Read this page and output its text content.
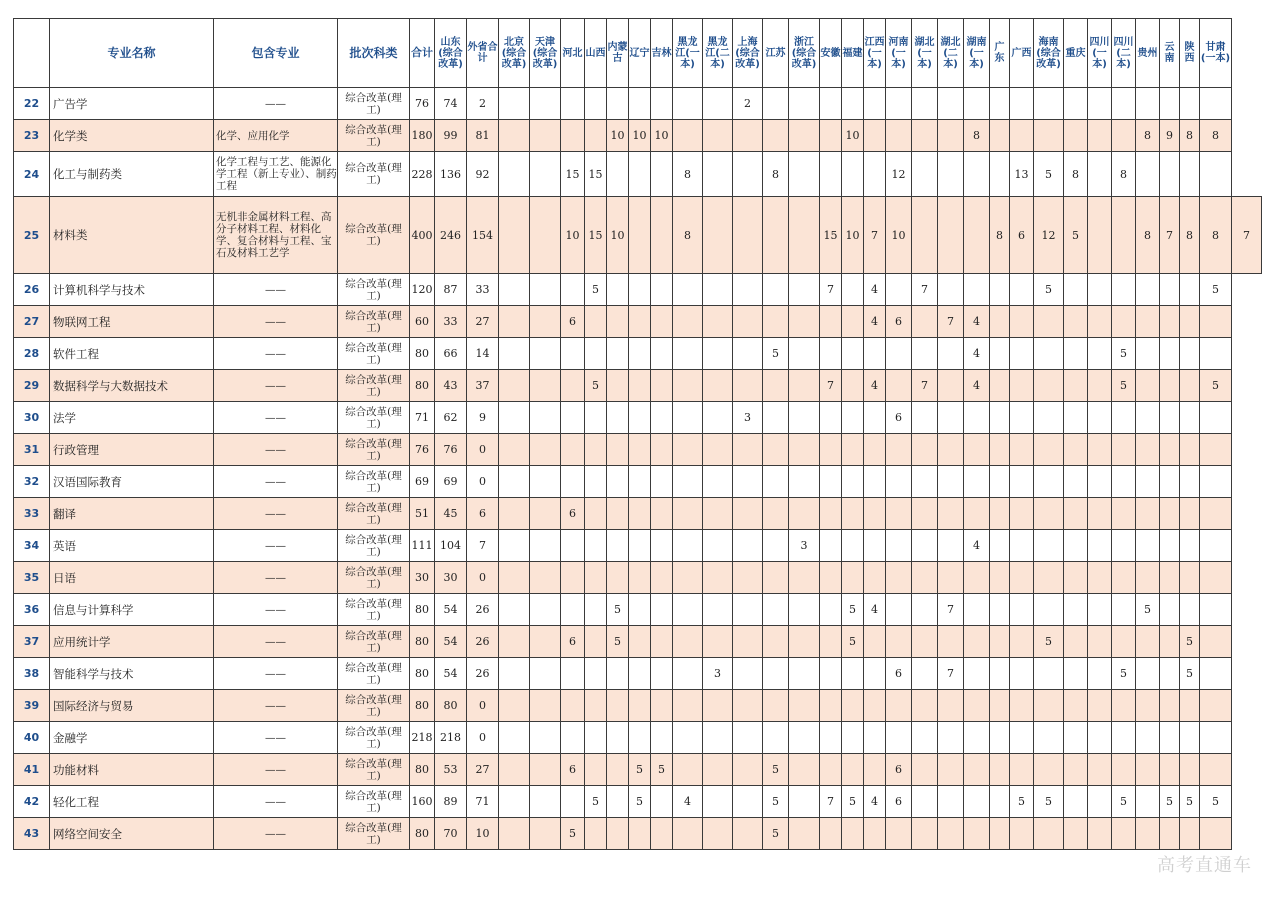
	专业名称	包含专业	批次科类	合计	山东(综合改革)	外省合计	北京(综合改革)	天津(综合改革)	河北	山西	内蒙古	辽宁	吉林	黑龙江(一本)	黑龙江(二本)	上海(综合改革)	江苏	浙江(综合改革)	安徽	福建	江西(一本)	河南(一本)	湖北(一本)	湖北(二本)	湖南(一本)	广东	广西	海南(综合改革)	重庆	四川(一本)	四川(二本)	贵州	云南	陕西	甘肃(一本)	
22	广告学	——	综合改革(理工)	76	74	2										2																				
23	化学类	化学、应用化学	综合改革(理工)	180	99	81					10	10	10							10					8							8	9	8	8	
24	化工与制药类	化学工程与工艺、能源化学工程（新上专业）、制药工程	综合改革(理工)	228	136	92			15	15				8			8					12					13	5	8		8					
25	材料类	无机非金属材料工程、高分子材料工程、材料化学、复合材料与工程、宝石及材料工艺学	综合改革(理工)	400	246	154			10	15	10			8					15	10	7	10				8	6	12	5			8	7	8	8	7
26	计算机科学与技术	——	综合改革(理工)	120	87	33				5									7		4		7					5							5	
27	物联网工程	——	综合改革(理工)	60	33	27			6												4	6		7	4											
28	软件工程	——	综合改革(理工)	80	66	14											5								4						5					
29	数据科学与大数据技术	——	综合改革(理工)	80	43	37				5									7		4		7		4						5				5	
30	法学	——	综合改革(理工)	71	62	9										3						6														
31	行政管理	——	综合改革(理工)	76	76	0																														
32	汉语国际教育	——	综合改革(理工)	69	69	0																														
33	翻译	——	综合改革(理工)	51	45	6			6																											
34	英语	——	综合改革(理工)	111	104	7												3							4											
35	日语	——	综合改革(理工)	30	30	0																														
36	信息与计算科学	——	综合改革(理工)	80	54	26					5									5	4			7								5				
37	应用统计学	——	综合改革(理工)	80	54	26			6		5									5								5						5		
38	智能科学与技术	——	综合改革(理工)	80	54	26									3							6		7							5			5		
39	国际经济与贸易	——	综合改革(理工)	80	80	0																														
40	金融学	——	综合改革(理工)	218	218	0																														
41	功能材料	——	综合改革(理工)	80	53	27			6			5	5				5					6														
42	轻化工程	——	综合改革(理工)	160	89	71				5		5		4			5		7	5	4	6					5	5			5		5	5	5	
43	网络空间安全	——	综合改革(理工)	80	70	10			5								5																			
高考直通车
